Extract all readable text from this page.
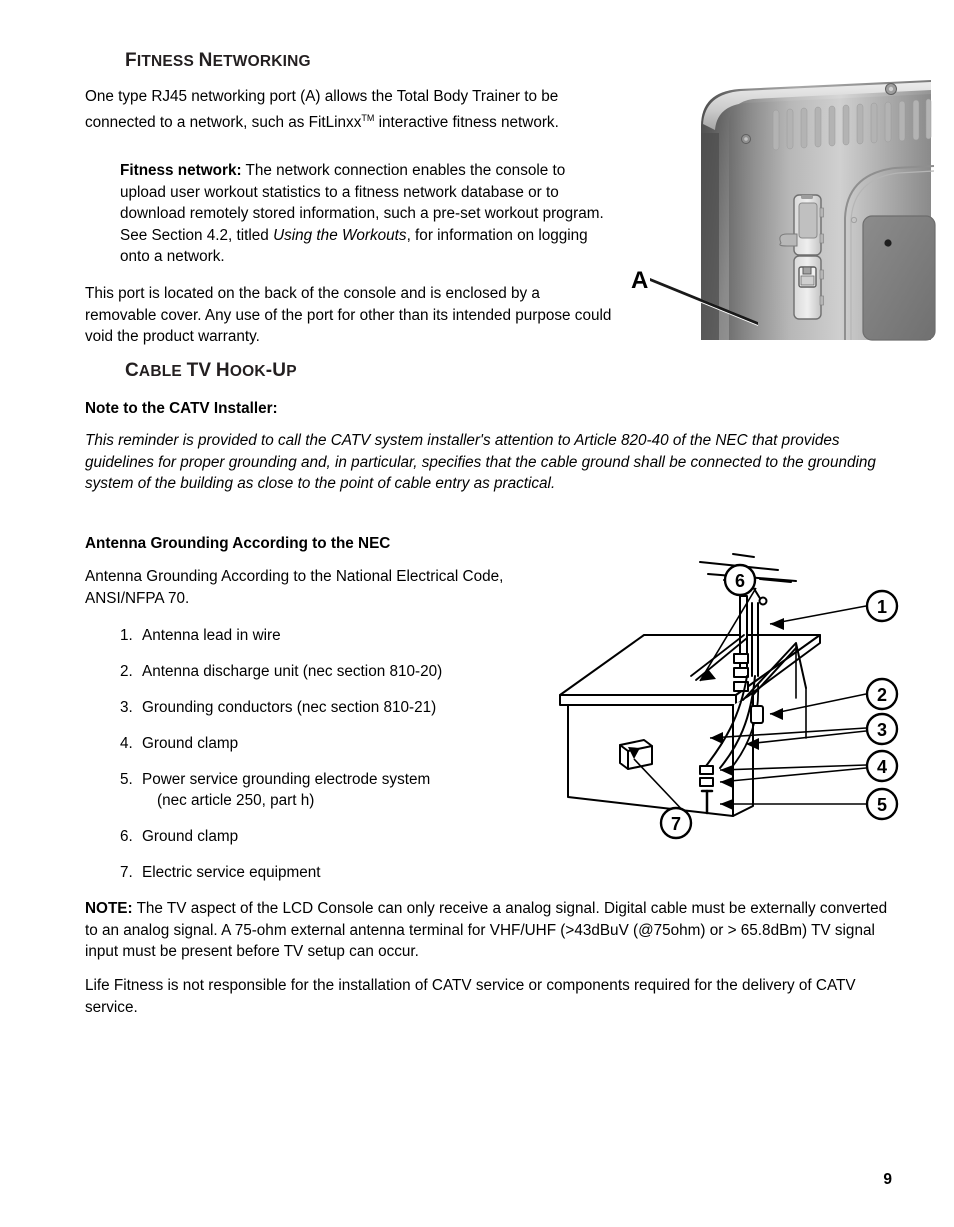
FITNESS NETWORKING
One type RJ45 networking port (A) allows the Total Body Trainer to be connected to a network, such as FitLinxx™ interactive fitness network.
Fitness network: The network connection enables the console to upload user workout statistics to a fitness network database or to download remotely stored information, such a pre-set workout program. See Section 4.2, titled Using the Workouts, for information on logging onto a network.
This port is located on the back of the console and is enclosed by a removable cover. Any use of the port for other than its intended purpose could void the product warranty.
A
CABLE TV HOOK-UP
Note to the CATV Installer:
This reminder is provided to call the CATV system installer's attention to Article 820-40 of the NEC that provides guidelines for proper grounding and, in particular, specifies that the cable ground shall be connected to the grounding system of the building as close to the point of cable entry as practical.
Antenna Grounding According to the NEC
Antenna Grounding According to the National Electrical Code, ANSI/NFPA 70.
1. Antenna lead in wire
2. Antenna discharge unit (nec section 810-20)
3. Grounding conductors (nec section 810-21)
4. Ground clamp
5. Power service grounding electrode system
(nec article 250, part h)
6. Ground clamp
7. Electric service equipment
1
2
3
4
5
6
7
NOTE: The TV aspect of the LCD Console can only receive a analog signal. Digital cable must be externally converted to an analog signal. A 75-ohm external antenna terminal for VHF/UHF (>43dBuV (@75ohm) or > 65.8dBm) TV signal input must be present before TV setup can occur.
Life Fitness is not responsible for the installation of CATV service or components required for the delivery of CATV service.
9
